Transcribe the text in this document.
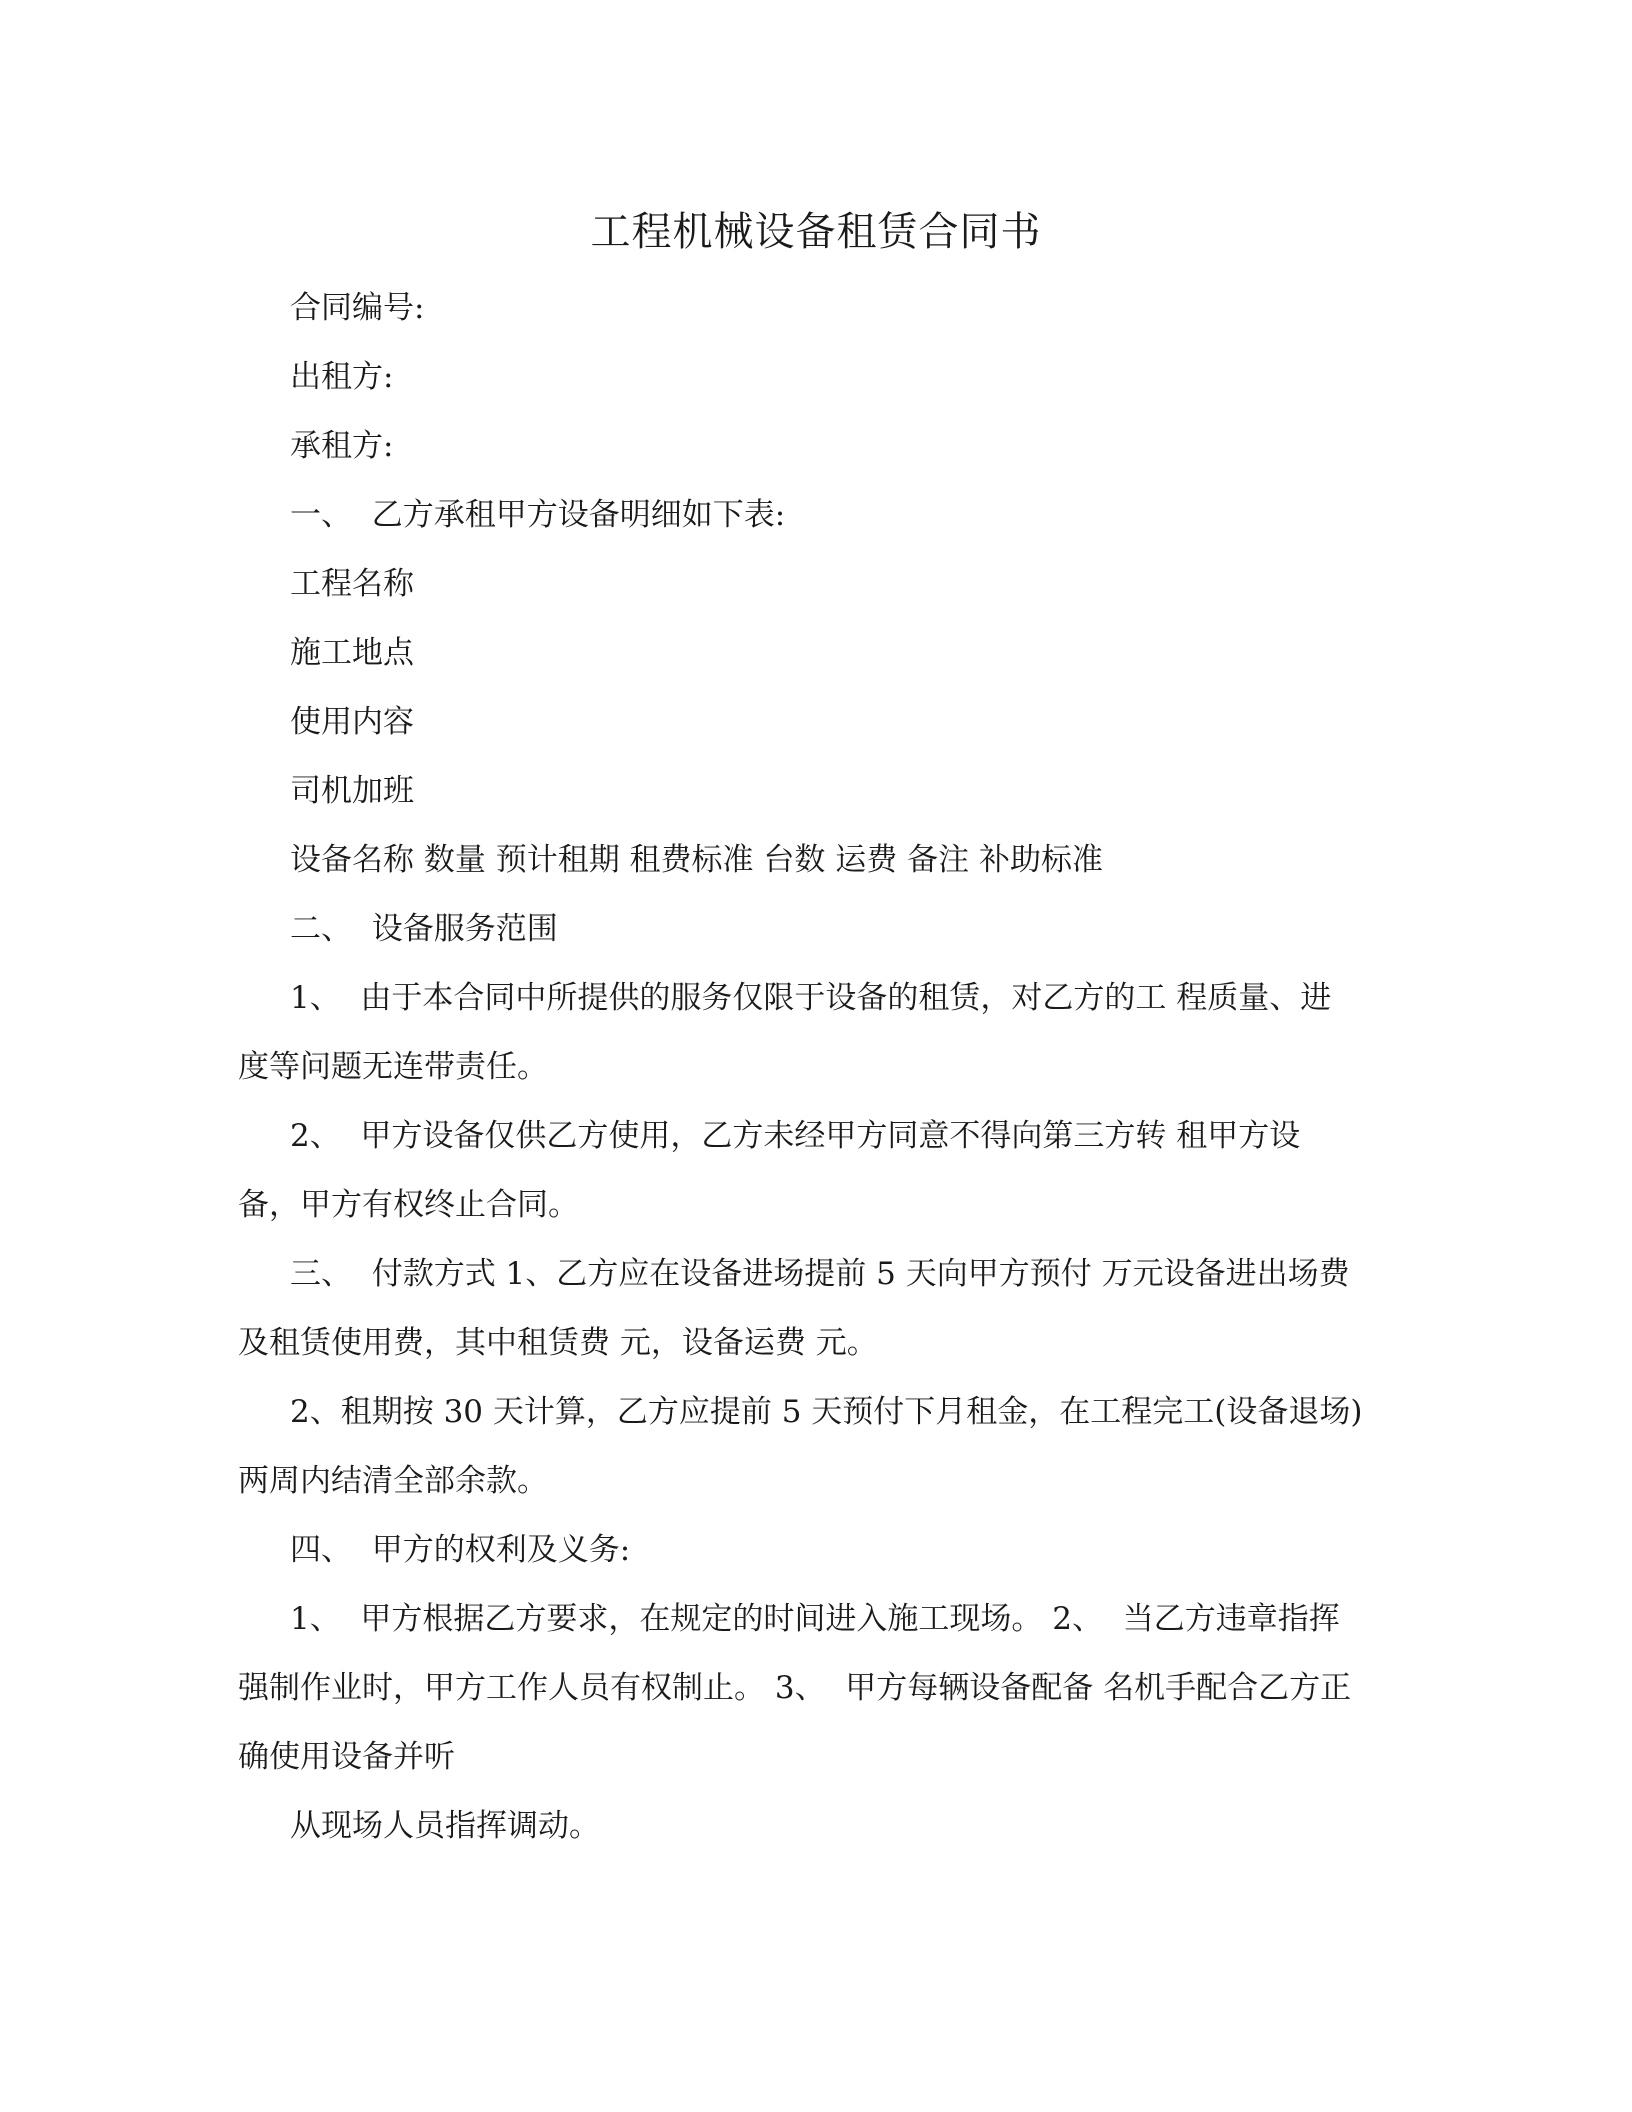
工程机械设备租赁合同书

合同编号:

出租方:

承租方:

一、  乙方承租甲方设备明细如下表:

工程名称

施工地点

使用内容

司机加班

设备名称 数量 预计租期 租费标准 台数 运费 备注 补助标准

二、  设备服务范围

1、  由于本合同中所提供的服务仅限于设备的租赁，对乙方的工 程质量、进

度等问题无连带责任。

2、  甲方设备仅供乙方使用，乙方未经甲方同意不得向第三方转 租甲方设

备，甲方有权终止合同。

三、  付款方式 1、乙方应在设备进场提前 5 天向甲方预付 万元设备进出场费

及租赁使用费，其中租赁费 元，设备运费 元。

2、租期按 30 天计算，乙方应提前 5 天预付下月租金，在工程完工(设备退场)

两周内结清全部余款。

四、  甲方的权利及义务:

1、  甲方根据乙方要求，在规定的时间进入施工现场。 2、  当乙方违章指挥

强制作业时，甲方工作人员有权制止。 3、  甲方每辆设备配备 名机手配合乙方正

确使用设备并听

从现场人员指挥调动。
